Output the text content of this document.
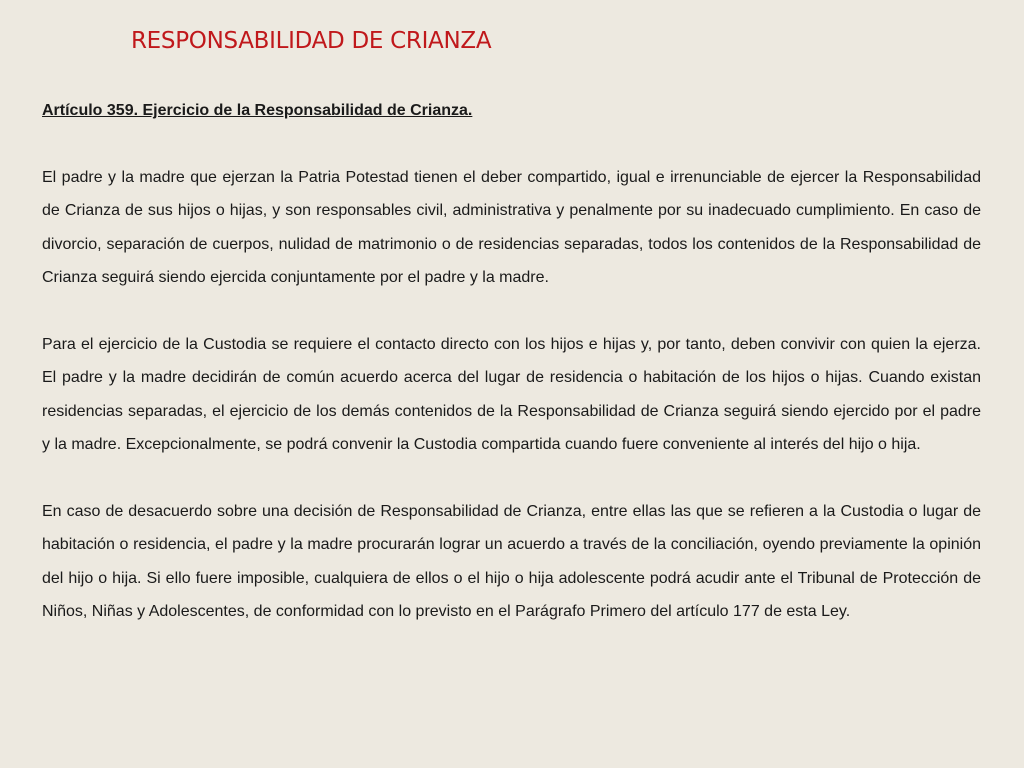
RESPONSABILIDAD DE CRIANZA

Artículo 359. Ejercicio de la Responsabilidad de Crianza.

El padre y la madre que ejerzan la Patria Potestad tienen el deber compartido, igual e irrenunciable de ejercer la Responsabilidad de Crianza de sus hijos o hijas, y son responsables civil, administrativa y penalmente por su inadecuado cumplimiento. En caso de divorcio, separación de cuerpos, nulidad de matrimonio o de residencias separadas, todos los contenidos de la Responsabilidad de Crianza seguirá siendo ejercida conjuntamente por el padre y la madre.

Para el ejercicio de la Custodia se requiere el contacto directo con los hijos e hijas y, por tanto, deben convivir con quien la ejerza. El padre y la madre decidirán de común acuerdo acerca del lugar de residencia o habitación de los hijos o hijas. Cuando existan residencias separadas, el ejercicio de los demás contenidos de la Responsabilidad de Crianza seguirá siendo ejercido por el padre y la madre. Excepcionalmente, se podrá convenir la Custodia compartida cuando fuere conveniente al interés del hijo o hija.

En caso de desacuerdo sobre una decisión de Responsabilidad de Crianza, entre ellas las que se refieren a la Custodia o lugar de habitación o residencia, el padre y la madre procurarán lograr un acuerdo a través de la conciliación, oyendo previamente la opinión del hijo o hija. Si ello fuere imposible, cualquiera de ellos o el hijo o hija adolescente podrá acudir ante el Tribunal de Protección de Niños, Niñas y Adolescentes, de conformidad con lo previsto en el Parágrafo Primero del artículo 177 de esta Ley.
